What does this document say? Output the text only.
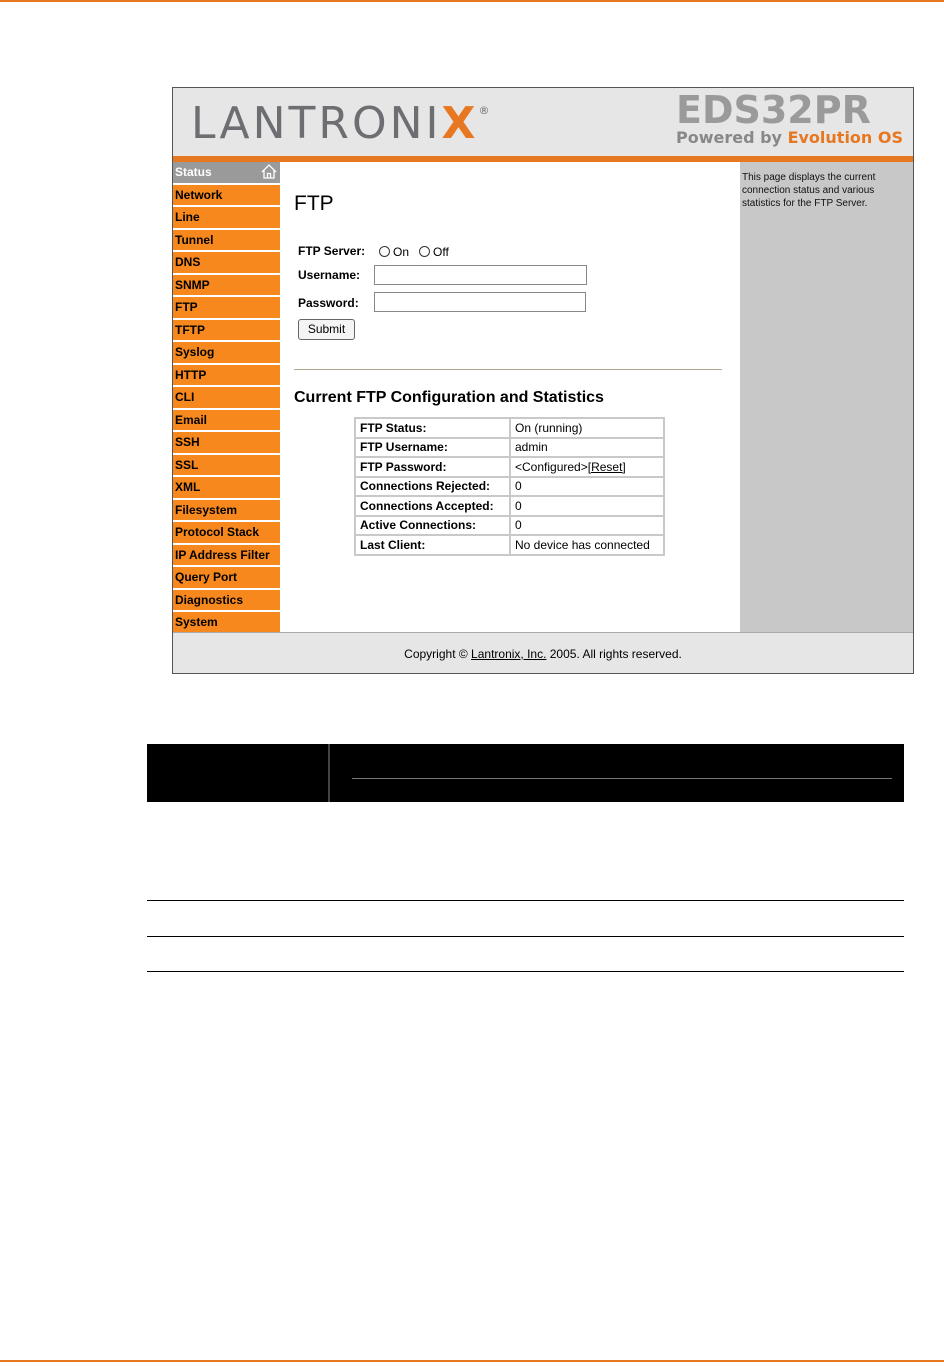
LANTRONIX®	EDS32PR
Powered by Evolution OS
Status
Network
Line
Tunnel
DNS
SNMP
FTP
TFTP
Syslog
HTTP
CLI
Email
SSH
SSL
XML
Filesystem
Protocol Stack
IP Address Filter
Query Port
Diagnostics
System
FTP
FTP Server: On Off
Username:
Password:
Submit
Current FTP Configuration and Statistics
FTP Status:	On (running)
FTP Username:	admin
FTP Password:	<Configured>[Reset]
Connections Rejected:	0
Connections Accepted:	0
Active Connections:	0
Last Client:	No device has connected
This page displays the current connection status and various statistics for the FTP Server.
Copyright © Lantronix, Inc. 2005. All rights reserved.
